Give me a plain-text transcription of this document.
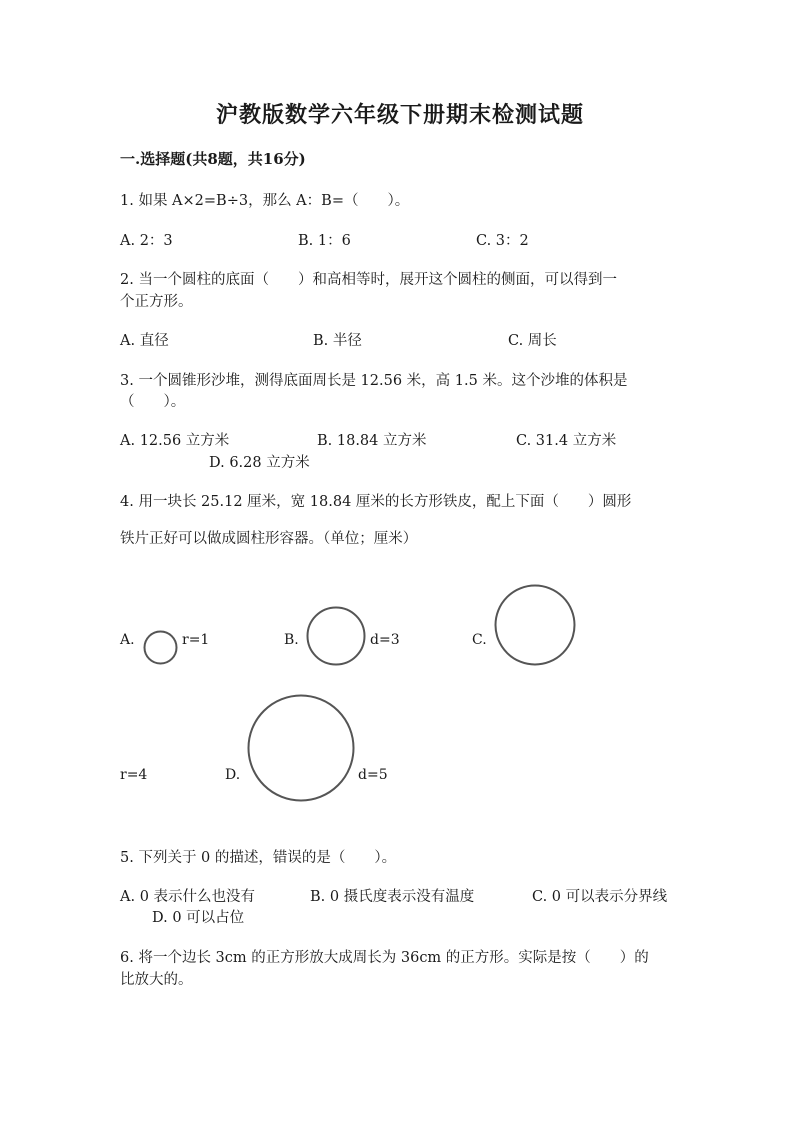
沪教版数学六年级下册期末检测试题
一.选择题(共8题，共16分)
1. 如果 A×2=B÷3，那么 A：B=（　　）。
A. 2：3	B. 1：6	C. 3：2
2. 当一个圆柱的底面（　　）和高相等时，展开这个圆柱的侧面，可以得到一
个正方形。
A. 直径	B. 半径	C. 周长
3. 一个圆锥形沙堆，测得底面周长是 12.56 米，高 1.5 米。这个沙堆的体积是
（　　）。
A. 12.56 立方米	B. 18.84 立方米	C. 31.4 立方米
D. 6.28 立方米
4. 用一块长 25.12 厘米，宽 18.84 厘米的长方形铁皮，配上下面（　　）圆形
铁片正好可以做成圆柱形容器。（单位；厘米）
A.	r=1	B.	d=3	C.
r=4	D.	d=5
5. 下列关于 0 的描述，错误的是（　　）。
A. 0 表示什么也没有	B. 0 摄氏度表示没有温度	C. 0 可以表示分界线
D. 0 可以占位
6. 将一个边长 3cm 的正方形放大成周长为 36cm 的正方形。实际是按（　　）的
比放大的。
